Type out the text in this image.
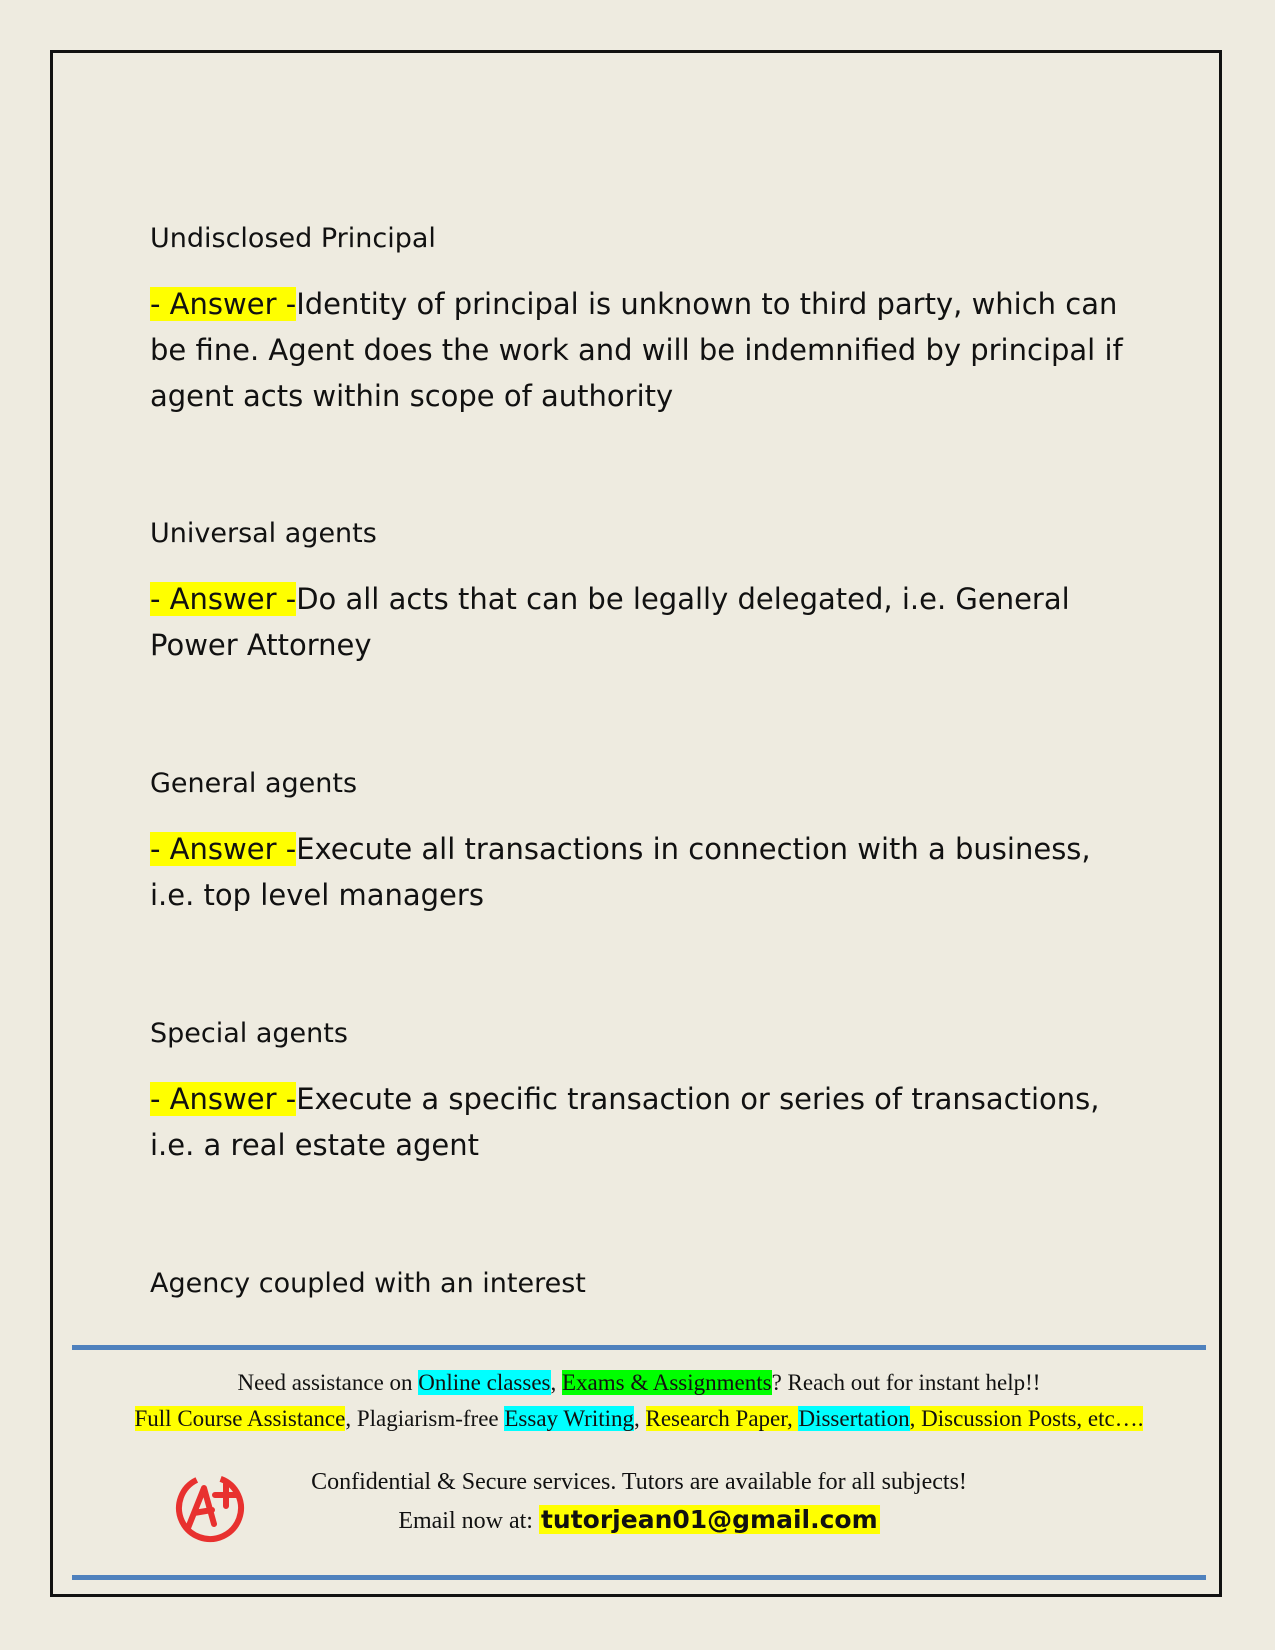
Undisclosed Principal

- Answer -Identity of principal is unknown to third party, which can be fine. Agent does the work and will be indemnified by principal if agent acts within scope of authority

Universal agents

- Answer -Do all acts that can be legally delegated, i.e. General Power Attorney

General agents

- Answer -Execute all transactions in connection with a business, i.e. top level managers

Special agents

- Answer -Execute a specific transaction or series of transactions, i.e. a real estate agent

Agency coupled with an interest
Need assistance on Online classes, Exams & Assignments? Reach out for instant help!!
Full Course Assistance, Plagiarism-free Essay Writing, Research Paper, Dissertation, Discussion Posts, etc….
Confidential & Secure services. Tutors are available for all subjects!
Email now at: tutorjean01@gmail.com
